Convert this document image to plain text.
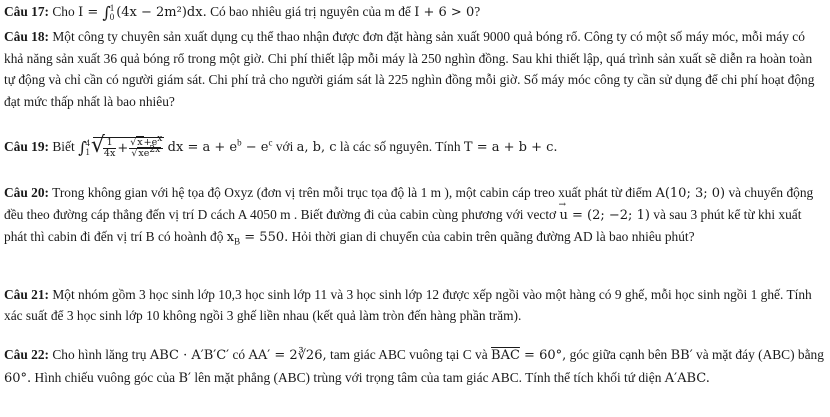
Câu 17: Cho I = ∫ 1
0 (4x − 2m²)dx. Có bao nhiêu giá trị nguyên của m để I + 6 > 0?

Câu 18: Một công ty chuyên sản xuất dụng cụ thể thao nhận được đơn đặt hàng sản xuất 9000 quả bóng rổ. Công ty có một số máy móc, mỗi máy có khả năng sản xuất 36 quả bóng rổ trong một giờ. Chi phí thiết lập mỗi máy là 250 nghìn đồng. Sau khi thiết lập, quá trình sản xuất sẽ diễn ra hoàn toàn tự động và chỉ cần có người giám sát. Chi phí trả cho người giám sát là 225 nghìn đồng mỗi giờ. Số máy móc công ty cần sử dụng để chi phí hoạt động đạt mức thấp nhất là bao nhiêu?

Câu 19: Biết ∫ 4
1 √ $\frac{1}{4x} + \frac{√x+e^x}{√xe^{2x}}$ dx = $a + e^b - e^c$ với a, b, c là các số nguyên. Tính T = a + b + c.

Câu 20: Trong không gian với hệ tọa độ Oxyz (đơn vị trên mỗi trục tọa độ là 1 m ), một cabin cáp treo xuất phát từ điểm A(10; 3; 0) và chuyển động đều theo đường cáp thẳng đến vị trí D cách A 4050 m . Biết đường đi của cabin cùng phương với vectơ → u = (2; −2; 1) và sau 3 phút kể từ khi xuất phát thì cabin đi đến vị trí B có hoành độ $x_B = 550$. Hỏi thời gian di chuyển của cabin trên quãng đường AD là bao nhiêu phút?

Câu 21: Một nhóm gồm 3 học sinh lớp 10,3 học sinh lớp 11 và 3 học sinh lớp 12 được xếp ngồi vào một hàng có 9 ghế, mỗi học sinh ngồi 1 ghế. Tính xác suất để 3 học sinh lớp 10 không ngồi 3 ghế liền nhau (kết quả làm tròn đến hàng phần trăm).

Câu 22: Cho hình lăng trụ ABC · A′B′C′ có AA′ = 2∛26, tam giác ABC vuông tại C và $\overline{BAC} = 60^\circ$, góc giữa cạnh bên BB′ và mặt đáy (ABC) bằng 60°. Hình chiếu vuông góc của B′ lên mặt phẳng (ABC) trùng với trọng tâm của tam giác ABC. Tính thể tích khối tứ diện A′ABC.
